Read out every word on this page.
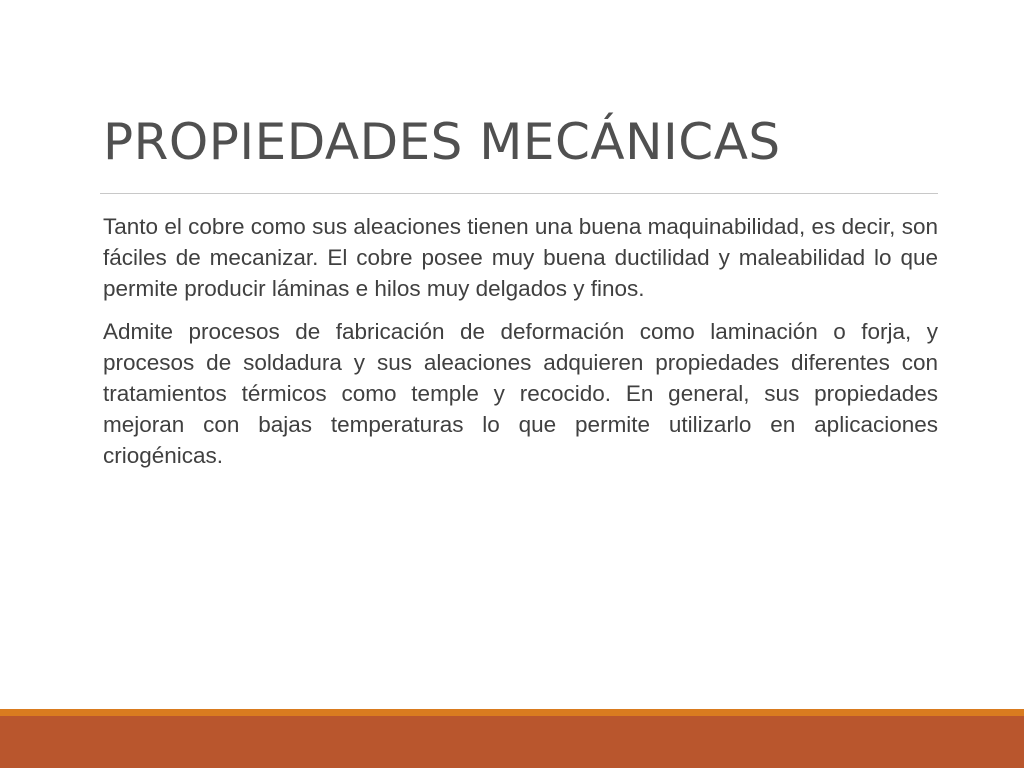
PROPIEDADES MECÁNICAS

Tanto el cobre como sus aleaciones tienen una buena maquinabilidad, es decir, son fáciles de mecanizar. El cobre posee muy buena ductilidad y maleabilidad lo que permite producir láminas e hilos muy delgados y finos.

Admite procesos de fabricación de deformación como laminación o forja, y procesos de soldadura y sus aleaciones adquieren propiedades diferentes con tratamientos térmicos como temple y recocido. En general, sus propiedades mejoran con bajas temperaturas lo que permite utilizarlo en aplicaciones criogénicas.
